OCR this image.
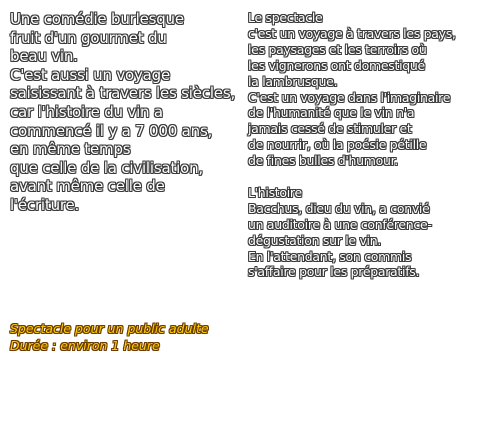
Une comédie burlesque
fruit d'un gourmet du
beau vin.
C'est aussi un voyage
saisissant à travers les siècles,
car l'histoire du vin a
commencé il y a 7 000 ans,
en même temps
que celle de la civilisation,
avant même celle de
l'écriture.
Le spectacle
c'est un voyage à travers les pays,
les paysages et les terroirs où
les vignerons ont domestiqué
la lambrusque.
C'est un voyage dans l'imaginaire
de l'humanité que le vin n'a
jamais cessé de stimuler et
de nourrir, où la poésie pétille
de fines bulles d'humour.
L'histoire
Bacchus, dieu du vin, a convié
un auditoire à une conférence-
dégustation sur le vin.
En l'attendant, son commis
s'affaire pour les préparatifs.
Spectacle pour un public adulte
Durée : environ 1 heure
